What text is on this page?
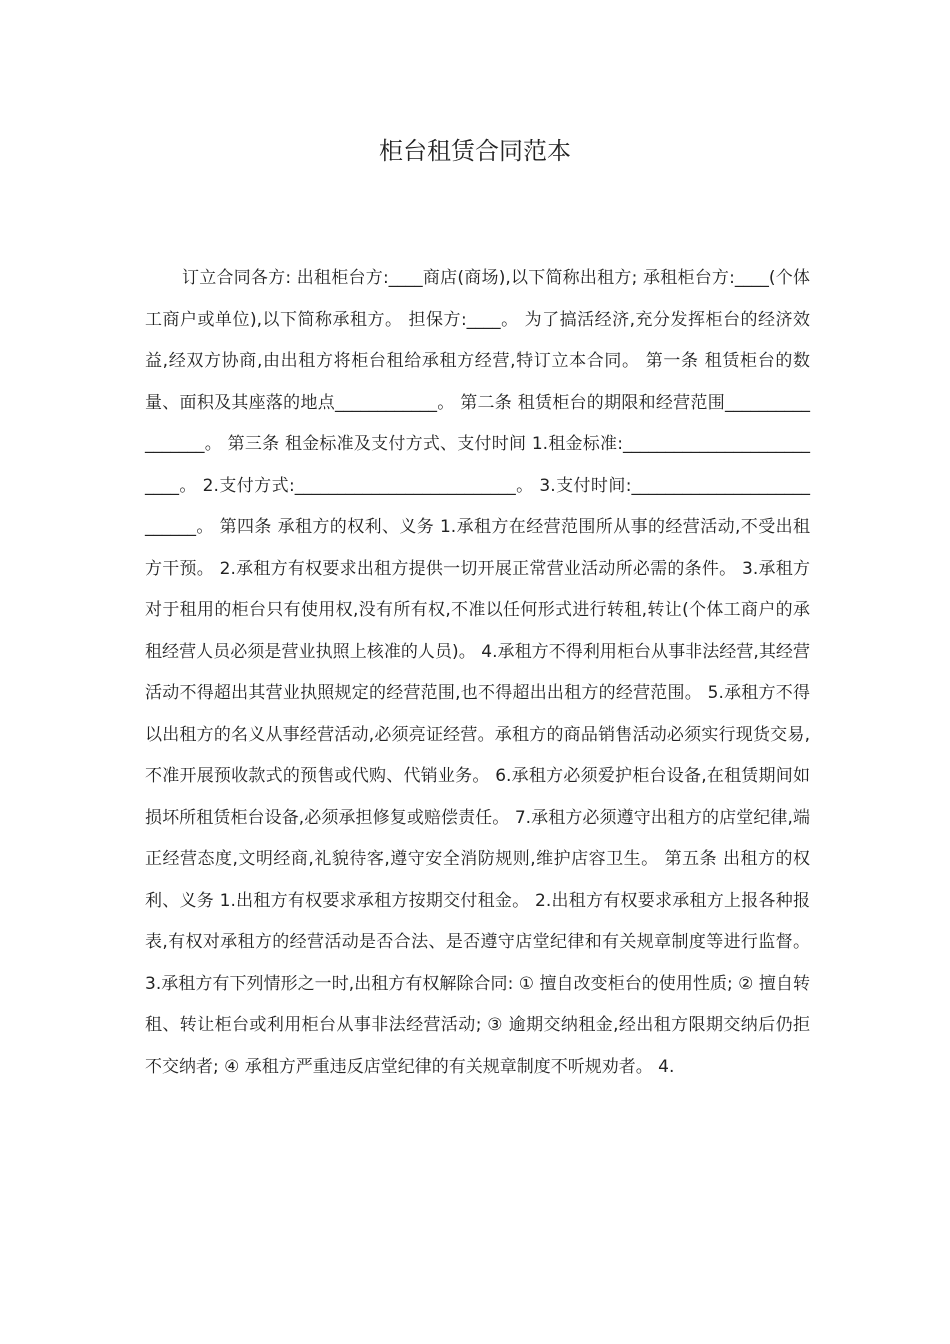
柜台租赁合同范本

订立合同各方: 出租柜台方:____商店(商场),以下简称出租方; 承租柜台方:____(个体工商户或单位),以下简称承租方。 担保方:____。 为了搞活经济,充分发挥柜台的经济效益,经双方协商,由出租方将柜台租给承租方经营,特订立本合同。 第一条 租赁柜台的数量、面积及其座落的地点____________。 第二条 租赁柜台的期限和经营范围_________________。 第三条 租金标准及支付方式、支付时间 1.租金标准:__________________________。 2.支付方式:__________________________。 3.支付时间:___________________________。 第四条 承租方的权利、义务 1.承租方在经营范围所从事的经营活动,不受出租方干预。 2.承租方有权要求出租方提供一切开展正常营业活动所必需的条件。 3.承租方对于租用的柜台只有使用权,没有所有权,不准以任何形式进行转租,转让(个体工商户的承租经营人员必须是营业执照上核准的人员)。 4.承租方不得利用柜台从事非法经营,其经营活动不得超出其营业执照规定的经营范围,也不得超出出租方的经营范围。 5.承租方不得以出租方的名义从事经营活动,必须亮证经营。承租方的商品销售活动必须实行现货交易,不准开展预收款式的预售或代购、代销业务。 6.承租方必须爱护柜台设备,在租赁期间如损坏所租赁柜台设备,必须承担修复或赔偿责任。 7.承租方必须遵守出租方的店堂纪律,端正经营态度,文明经商,礼貌待客,遵守安全消防规则,维护店容卫生。 第五条 出租方的权利、义务 1.出租方有权要求承租方按期交付租金。 2.出租方有权要求承租方上报各种报表,有权对承租方的经营活动是否合法、是否遵守店堂纪律和有关规章制度等进行监督。 3.承租方有下列情形之一时,出租方有权解除合同: ① 擅自改变柜台的使用性质; ② 擅自转租、转让柜台或利用柜台从事非法经营活动; ③ 逾期交纳租金,经出租方限期交纳后仍拒不交纳者; ④ 承租方严重违反店堂纪律的有关规章制度不听规劝者。 4.
